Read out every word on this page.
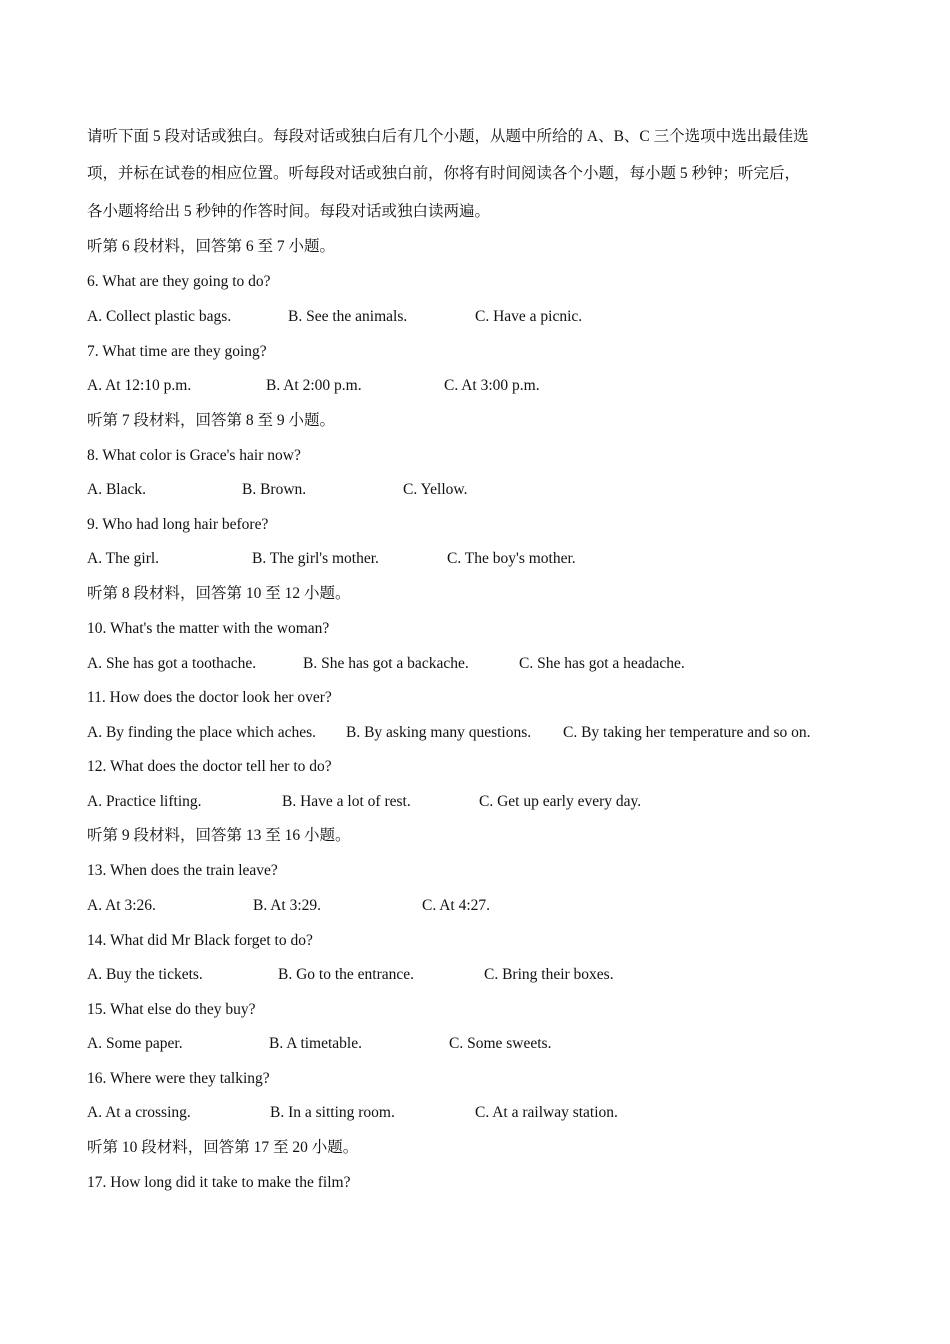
请听下面 5 段对话或独白。每段对话或独白后有几个小题，从题中所给的 A、B、C 三个选项中选出最佳选
项，并标在试卷的相应位置。听每段对话或独白前，你将有时间阅读各个小题，每小题 5 秒钟；听完后，
各小题将给出 5 秒钟的作答时间。每段对话或独白读两遍。
听第 6 段材料，回答第 6 至 7 小题。
6. What are they going to do?
A. Collect plastic bags.	B. See the animals.	C. Have a picnic.
7. What time are they going?
A. At 12:10 p.m.	B. At 2:00 p.m.	C. At 3:00 p.m.
听第 7 段材料，回答第 8 至 9 小题。
8. What color is Grace's hair now?
A. Black.	B. Brown.	C. Yellow.
9. Who had long hair before?
A. The girl.	B. The girl's mother.	C. The boy's mother.
听第 8 段材料，回答第 10 至 12 小题。
10. What's the matter with the woman?
A. She has got a toothache.	B. She has got a backache.	C. She has got a headache.
11. How does the doctor look her over?
A. By finding the place which aches. B. By asking many questions. C. By taking her temperature and so on.
12. What does the doctor tell her to do?
A. Practice lifting.	B. Have a lot of rest.	C. Get up early every day.
听第 9 段材料，回答第 13 至 16 小题。
13. When does the train leave?
A. At 3:26.	B. At 3:29.	C. At 4:27.
14. What did Mr Black forget to do?
A. Buy the tickets.	B. Go to the entrance.	C. Bring their boxes.
15. What else do they buy?
A. Some paper.	B. A timetable.	C. Some sweets.
16. Where were they talking?
A. At a crossing.	B. In a sitting room.	C. At a railway station.
听第 10 段材料，回答第 17 至 20 小题。
17. How long did it take to make the film?
